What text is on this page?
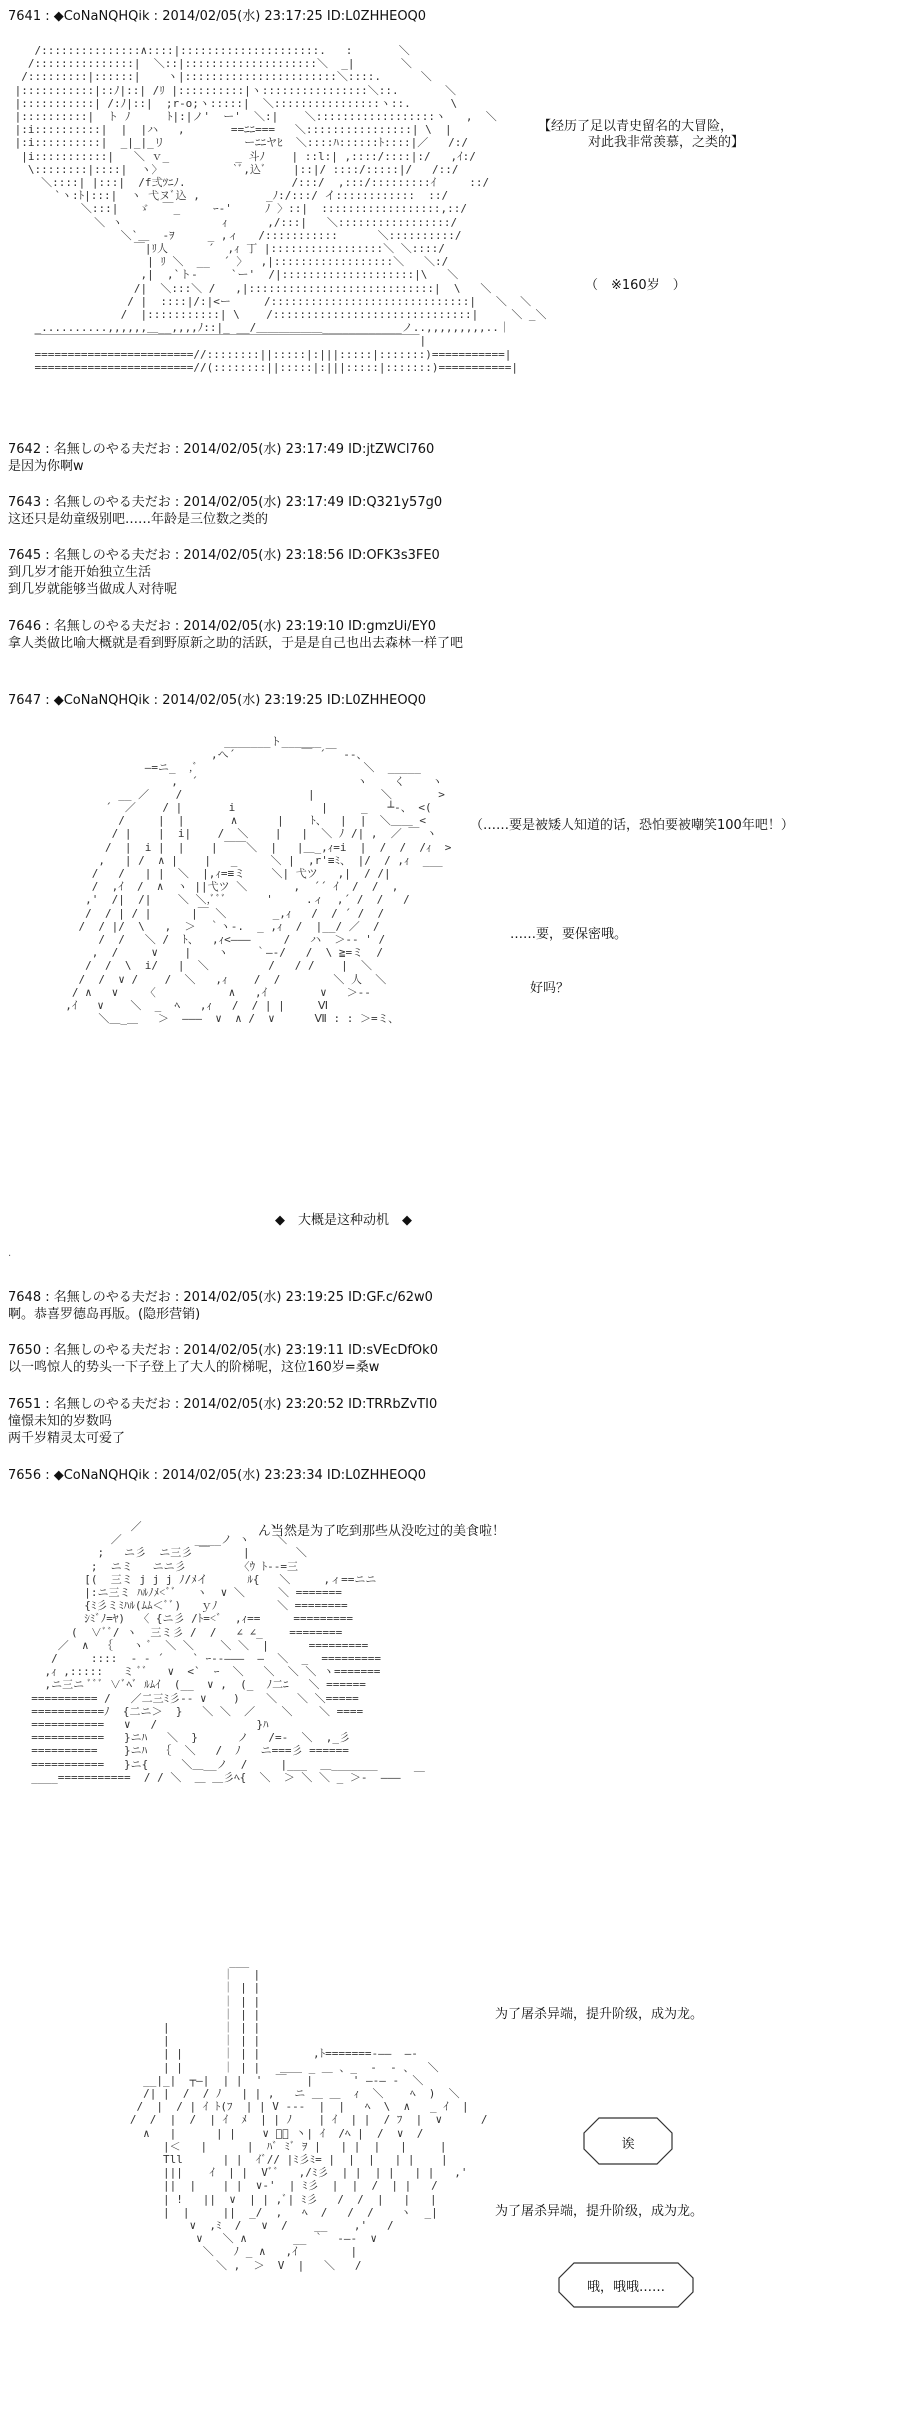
7641 : ◆CoNaNQHQik : 2014/02/05(水) 23:17:25 ID:L0ZHHEOQ0
/:::::::::::::::∧::::|:::::::::::::::::::::.   :       ＼
/:::::::::::::::|  ＼::|::::::::::::::::::::＼  _|       ＼
/:::::::::|::::::|    ヽ|:::::::::::::::::::::::＼::::.      ＼
|:::::::::::|::ﾉ|::| /ﾘ |::::::::::|ヽ::::::::::::::::＼::.       ＼
|:::::::::::| /:ﾉ|::|  ;r-o;ヽ:::::|  ＼::::::::::::::::ヽ::.      \
|::::::::::|  ト ﾉ	ﾄ|:|ノ'  ー'  ＼:|    ＼::::::::::::::::::ヽ   ,  ＼
|:i::::::::::|  |  |ハ   ,       ==ﾆﾆ===   ＼::::::::::::::::| \  |
|:i::::::::::|  _|_|_リ            ーﾆﾆヤﾋ  ＼::::ﾊ::::::ﾄ::::|／   /:/
|i:::::::::::|   ＼ ｖ_          _ 斗ﾉ    | ::l:| ,::::/::::|:/   ,ｲ:/
\::::::::|::::|  ヽ〉      　   `ﾞ,込ﾞ    |::|/ ::::/:::::|/   /::/
＼::::| |:::|  /f弍ﾂﾆﾉ.                /:::/  ,:::/:::::::::ｲ     ::/
`ヽ:ﾄ|:::|  ヽ 弋ヌﾞ込 ,          _ﾉ:/:::/ イ::::::::::::  ::/
＼:::|   ゞ  ￣_     ｰ-'     ﾉ 〉::|  ::::::::::::::::::,::/
＼ ヽ               ｨ      ,/:::|   ＼:::::::::::::::::/
＼`＿  -ｦ     _ ,ィ   /:::::::::::      ＼::::::::::/
￣|ﾘ人      ´  ,ｨ 丁 |:::::::::::::::::＼ ＼::::/
| ﾘ ＼  __  ´ 〉  ,|::::::::::::::::::＼   ＼:/
,|  ,`ト-     `ー'  /|::::::::::::::::::::|\   ＼
/|  ＼:::＼ /   ,|::::::::::::::::::::::::::::|  \   ＼
/ |  ::::|/:|<ー     /::::::::::::::::::::::::::::::|   ＼  ＼
/  |:::::::::::| \    /::::::::::::::::::::::::::::::|     ＼ _＼
_..........,,,,,,＿__,,,,ﾉ::|_ __/＿＿＿＿＿＿____________ノ..,,,,,,,,,..｜
￣￣￣￣￣￣￣￣￣￣￣￣￣￣￣￣￣￣￣￣￣￣￣￣￣￣￣￣￣￣￣￣￣￣￣|
========================//::::::::||:::::|:|||:::::|:::::::)===========|
========================//(::::::::||:::::|:|||:::::|:::::::)===========|

【经历了足以青史留名的大冒险，
对此我非常羡慕，之类的】
（　※160岁　）
7642 : 名無しのやる夫だお : 2014/02/05(水) 23:17:49 ID:jtZWCl760
是因为你啊w
7643 : 名無しのやる夫だお : 2014/02/05(水) 23:17:49 ID:Q321y57g0
这还只是幼童级别吧……年龄是三位数之类的
7645 : 名無しのやる夫だお : 2014/02/05(水) 23:18:56 ID:OFK3s3FE0
到几岁才能开始独立生活
到几岁就能够当做成人对待呢
7646 : 名無しのやる夫だお : 2014/02/05(水) 23:19:10 ID:gmzUi/EY0
拿人类做比喻大概就是看到野原新之助的活跃，于是是自己也出去森林一样了吧
7647 : ◆CoNaNQHQik : 2014/02/05(水) 23:19:25 ID:L0ZHHEOQ0
_______ト______
,へ´          ￣ ´￣ ‐-、
―=ニ_  ,ﾞ                         ＼  _____
,  ´                        ヽ    く    ヽ
__ ／    /                   |          ＼       >
´  ／    / |       i             |     _   ┴-、 <(
/     |  |       ∧      |    ﾄ、  |  |  ＼＿＿ <
/ |    |  i|    /  ＼    |   |  ＼ ﾉ /| ,  ／ ￣ ヽ
/  |  i |  |    | ￣￣＼  |   |＿_,ｨ=i  |  /  /  /ｨ  >
,   | /  ∧ |    |   _     ＼ |  ,r'≡ﾐ、 |/  / ,ｨ  ___
/   /   | |  ＼  |,ｨ=≡ミ    ＼| 弋ツ   ,|  / /|
/  ,ｲ  /  ∧  ヽ ||弋ツ ＼       ,  ´´ ｲ  /  /  ,
,'  /|  /|    ＼ ＼,ﾞﾞﾞ      '     .ィ  ,´ /  /   /
/  / | / |      |￣ ＼       _,ｨ   /  / ´ /  /
/  / |/  \   ,  ＞  ｀ヽ-.  _ ,ｨ  /  |__/ ／  /
/  /   ＼ /  ﾄ、  ,ｨ<―――     /   ハ  ＞‐‐ ' /
,  /     ∨    |    ヽ    ｀―‐/   /  \ ≧=ミ  /
/  /  \  i/   |  ＼         /   / /    |  ＼
/  /  ∨ /    /  ＼   ,ｨ    /  /        ＼ 人  ＼
/ ∧   ∨    〈           ∧   ,ｲ        ∨   ＞‐‐
,ｲ   ∨    ＼  _  ﾍ   ,ｨ   /  / | |     Ⅵ
＼＿_＿   ＞  ―――  ∨  ∧ /  ∨      Ⅶ : : ＞=ミ、

（……要是被矮人知道的话，恐怕要被嘲笑100年吧！）
……要，要保密哦。
好吗？
◆　大概是这种动机　◆
.
7648 : 名無しのやる夫だお : 2014/02/05(水) 23:19:25 ID:GF.c/62w0
啊。恭喜罗德岛再版。(隐形营销)
7650 : 名無しのやる夫だお : 2014/02/05(水) 23:19:11 ID:sVEcDfOk0
以一鸣惊人的势头一下子登上了大人的阶梯呢，这位160岁=桑w
7651 : 名無しのやる夫だお : 2014/02/05(水) 23:20:52 ID:TRRbZvTI0
憧憬未知的岁数吗
两千岁精灵太可爱了
7656 : ◆CoNaNQHQik : 2014/02/05(水) 23:23:34 ID:L0ZHHEOQ0
／                   ヽ
／           ____ノ ヽ    ＼
;   ニ彡  ニ三彡 ￣     |       ＼
;  ニミ   ニニ彡        〈ｳ ﾄ‐‐=三
[(  三ミ j j j ﾉ/ﾒイ      ﾙ{   ＼     ,ィ==ニニ
|:ニ三ミ ﾊﾙﾉﾒ<ﾞﾞ   ヽ  ∨ ＼     ＼ =======
{ﾐ彡ミﾐﾊﾙ(ﾑﾑ＜ﾞﾞ)   ｙﾉ         ＼ ========
ｼﾐﾞﾉ=ﾔ)  〈 {ニ彡 /ﾄ=<ﾞ  ,ｨ==     =========
(  ∨ﾞﾞ/ ヽ  三ミ彡 /  /   ∠ ∠_    ========
／  ∧  ｛   ヽ ﾞ  ＼ ＼    ＼ ＼  |      =========
/     ::::  ‐ ‐ ´ 　　` ｰ‐‐―――  ―  ＼  _  =========
,ｨ ,:::::   ミ ﾞﾞ   ∨  <`  ｰ  ＼   ＼  ＼ ＼ ヽ=======
,ニ三ニ ﾞﾞﾞ ∨ﾞﾍﾞ ﾙﾑｲ  (__  ∨ ,  (_  ﾉ二ﾆ   ＼ ======
========== /   ／二三ﾐ彡‐‐ ∨    )    ＼   ＼ ＼=====
===========ﾉ  {二ニ＞  }   ＼ ＼  ／    ＼    ＼ ====
===========   ∨   /               }ﾊ
===========   }ニﾊ   ＼  }      ノ   /=‐  ＼  ,_彡
==========    }ニﾊ  ｛  ＼   /  ﾉ   ニ===彡 ======
===========   }ニ{     ＼＿__ノ  /     |___  ＿_______
____===========  / / ＼  ＿ ＿彡ﾍ{  ＼  ＞ ＼ ＼ _ ＞‐  ―――  ￣

ん当然是为了吃到那些从没吃过的美食啦！
___
｜   |
｜ | |
｜ | |
｜ | |
|        ｜ | |
|        ｜ | |
| |      ｜ | |        ,ﾄ=======‐――  ―‐
| |      ｜ | |   ＿＿ _ ＿ 、_  ‐  ‐ 、  ＼
__|_|  ┬―|  | |  '  ￣   |      ' ―‐― ‐  ＼
/| |  /  / ﾉ   | | ,   ニ ＿ ＿  ｨ  ＼    ﾍ  )  ＼
/  |  / | ｲ ﾄ(ﾌ  | | V ‐‐‐  |  |   ﾍ  \  ∧   _ ｲ  |
/  /  |  /  | ｲ  ﾒ  | | ﾉ    | ｲ  | |  / ﾌ  |  ∨	/
∧   |      | |    ∨ ﾞﾞ 丶| ｲ  /ﾍ |  /  ∨  /
|＜   |      |  ﾊﾞ ﾐﾞ ｦ |   | |  |   |     |
Tll      | |  ｲﾞ// |ﾐ彡ﾐ= |  |  |   | |    |
|||    ｲ  | |  Vﾞﾞ   ,/ﾐ彡  | |  | |   | |   ,'
||  |    | |  ∨‐'  | ﾐ彡  |  |  /  | |   /
| !   ||  ∨  | | ,ﾞ| ﾐ彡   /  /  |   |   |
|  |     ||  _/  ,   ﾍ  /   /  /    ヽ  _|
∨  ,ﾐ  /   ∨  /    __    ,'   /
∨   ＼ ∧       __ ｀  ‐―‐  ∨
＼   ﾉ _ ∧   ,ｲ        |
＼ ,  ＞  V  |   ＼   /

为了屠杀异端，提升阶级，成为龙。
诶
为了屠杀异端，提升阶级，成为龙。
哦，哦哦……
